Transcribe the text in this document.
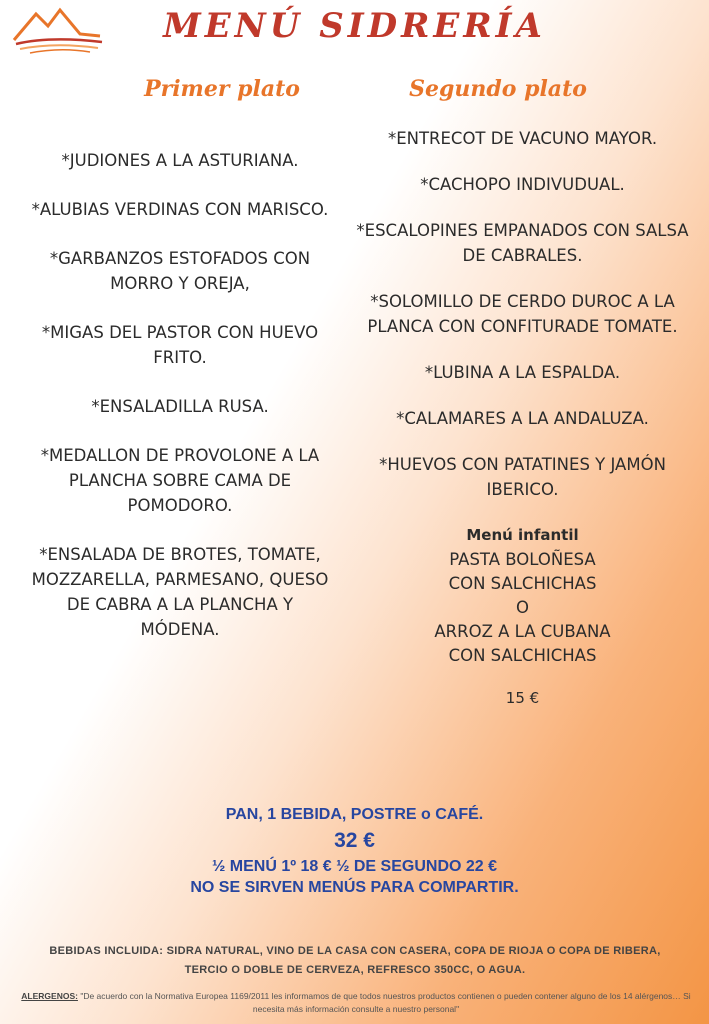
MENÚ SIDRERÍA
Primer plato	Segundo plato
*JUDIONES A LA ASTURIANA.
*ALUBIAS VERDINAS CON MARISCO.
*GARBANZOS ESTOFADOS CON MORRO Y OREJA,
*MIGAS DEL PASTOR CON HUEVO FRITO.
*ENSALADILLA RUSA.
*MEDALLON DE PROVOLONE A LA PLANCHA SOBRE CAMA DE POMODORO.
*ENSALADA DE BROTES, TOMATE, MOZZARELLA, PARMESANO, QUESO DE CABRA A LA PLANCHA Y MÓDENA.
*ENTRECOT DE VACUNO MAYOR.
*CACHOPO INDIVUDUAL.
*ESCALOPINES EMPANADOS CON SALSA DE CABRALES.
*SOLOMILLO DE CERDO DUROC A LA PLANCA CON CONFITURADE TOMATE.
*LUBINA A LA ESPALDA.
*CALAMARES A LA ANDALUZA.
*HUEVOS CON PATATINES Y JAMÓN IBERICO.
Menú infantil
PASTA BOLOÑESA
CON SALCHICHAS
O
ARROZ A LA CUBANA
CON SALCHICHAS
15 €
PAN, 1 BEBIDA, POSTRE o CAFÉ.
32 €
½ MENÚ 1º 18 € ½ DE SEGUNDO 22 €
NO SE SIRVEN MENÚS PARA COMPARTIR.
BEBIDAS INCLUIDA: SIDRA NATURAL, VINO DE LA CASA CON CASERA, COPA DE RIOJA O COPA DE RIBERA, TERCIO O DOBLE DE CERVEZA, REFRESCO 350CC, O AGUA.
ALERGENOS: "De acuerdo con la Normativa Europea 1169/2011 les informamos de que todos nuestros productos contienen o pueden contener alguno de los 14 alérgenos… Si necesita más información consulte a nuestro personal"
